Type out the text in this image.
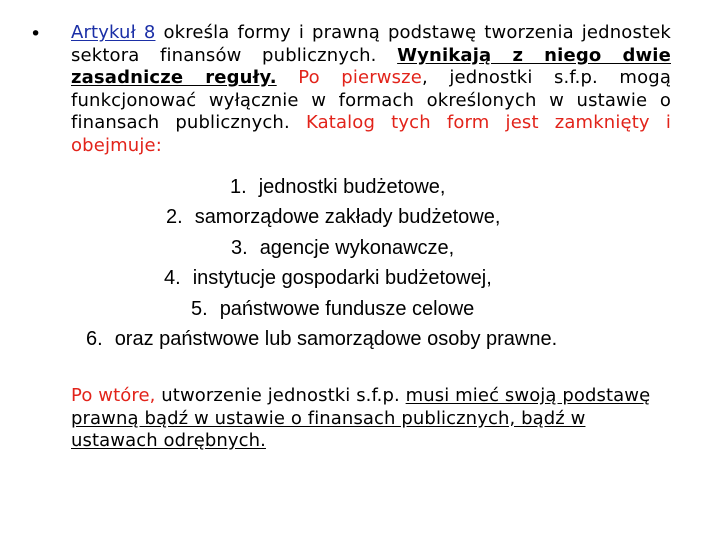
• Artykuł 8 określa formy i prawną podstawę tworzenia jednostek sektora finansów publicznych. Wynikają z niego dwie zasadnicze reguły. Po pierwsze, jednostki s.f.p. mogą funkcjonować wyłącznie w formach określonych w ustawie o finansach publicznych. Katalog tych form jest zamknięty i obejmuje:
1. jednostki budżetowe,
2. samorządowe zakłady budżetowe,
3. agencje wykonawcze,
4. instytucje gospodarki budżetowej,
5. państwowe fundusze celowe
6. oraz państwowe lub samorządowe osoby prawne.
Po wtóre, utworzenie jednostki s.f.p. musi mieć swoją podstawę prawną bądź w ustawie o finansach publicznych, bądź w ustawach odrębnych.
